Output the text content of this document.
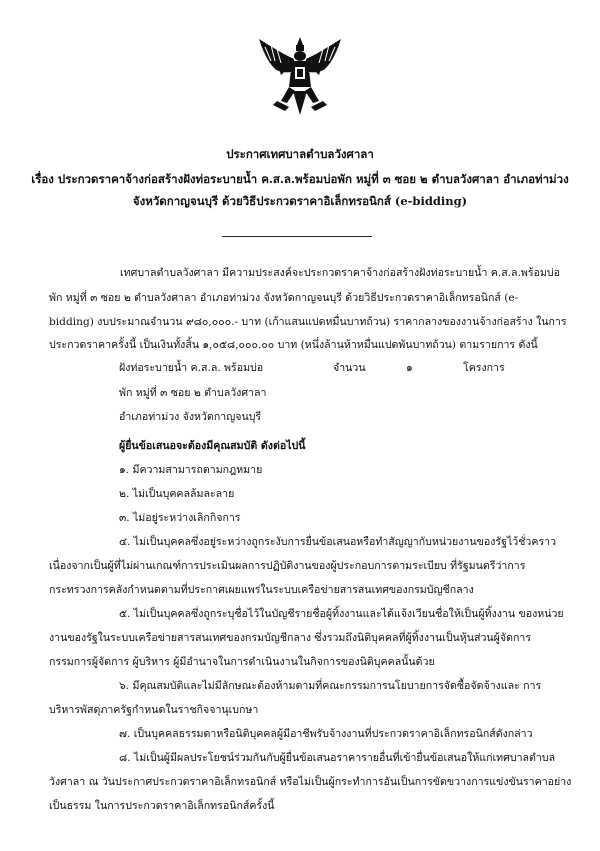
ประกาศเทศบาลตำบลวังศาลา
เรื่อง ประกวดราคาจ้างก่อสร้างฝังท่อระบายน้ำ ค.ส.ล.พร้อมบ่อพัก หมู่ที่ ๓ ซอย ๒ ตำบลวังศาลา อำเภอท่าม่วง
จังหวัดกาญจนบุรี ด้วยวิธีประกวดราคาอิเล็กทรอนิกส์ (e-bidding)
เทศบาลตำบลวังศาลา มีความประสงค์จะประกวดราคาจ้างก่อสร้างฝังท่อระบายน้ำ ค.ส.ล.พร้อมบ่อ
พัก หมู่ที่ ๓ ซอย ๒ ตำบลวังศาลา อำเภอท่าม่วง จังหวัดกาญจนบุรี ด้วยวิธีประกวดราคาอิเล็กทรอนิกส์ (e-
bidding) งบประมาณจำนวน ๙๘๐,๐๐๐.- บาท (เก้าแสนแปดหมื่นบาทถ้วน) ราคากลางของงานจ้างก่อสร้าง ในการ
ประกวดราคาครั้งนี้ เป็นเงินทั้งสิ้น ๑,๐๕๘,๐๐๐.๐๐ บาท (หนึ่งล้านห้าหมื่นแปดพันบาทถ้วน) ตามรายการ ดังนี้
ฝังท่อระบายน้ำ ค.ส.ล. พร้อมบ่อ	จำนวน	๑	โครงการ
พัก หมู่ที่ ๓ ซอย ๒ ตำบลวังศาลา
อำเภอท่าม่วง จังหวัดกาญจนบุรี
ผู้ยื่นข้อเสนอจะต้องมีคุณสมบัติ ดังต่อไปนี้
๑. มีความสามารถตามกฎหมาย
๒. ไม่เป็นบุคคลล้มละลาย
๓. ไม่อยู่ระหว่างเลิกกิจการ
๔. ไม่เป็นบุคคลซึ่งอยู่ระหว่างถูกระงับการยื่นข้อเสนอหรือทำสัญญากับหน่วยงานของรัฐไว้ชั่วคราว
เนื่องจากเป็นผู้ที่ไม่ผ่านเกณฑ์การประเมินผลการปฏิบัติงานของผู้ประกอบการตามระเบียบ ที่รัฐมนตรีว่าการ
กระทรวงการคลังกำหนดตามที่ประกาศเผยแพร่ในระบบเครือข่ายสารสนเทศของกรมบัญชีกลาง
๕. ไม่เป็นบุคคลซึ่งถูกระบุชื่อไว้ในบัญชีรายชื่อผู้ทิ้งงานและได้แจ้งเวียนชื่อให้เป็นผู้ทิ้งงาน ของหน่วย
งานของรัฐในระบบเครือข่ายสารสนเทศของกรมบัญชีกลาง ซึ่งรวมถึงนิติบุคคลที่ผู้ทิ้งงานเป็นหุ้นส่วนผู้จัดการ
กรรมการผู้จัดการ ผู้บริหาร ผู้มีอำนาจในการดำเนินงานในกิจการของนิติบุคคลนั้นด้วย
๖. มีคุณสมบัติและไม่มีลักษณะต้องห้ามตามที่คณะกรรมการนโยบายการจัดซื้อจัดจ้างและ การ
บริหารพัสดุภาครัฐกำหนดในราชกิจจานุเบกษา
๗. เป็นบุคคลธรรมดาหรือนิติบุคคลผู้มีอาชีพรับจ้างงานที่ประกวดราคาอิเล็กทรอนิกส์ดังกล่าว
๘. ไม่เป็นผู้มีผลประโยชน์ร่วมกันกับผู้ยื่นข้อเสนอราคารายอื่นที่เข้ายื่นข้อเสนอให้แก่เทศบาลตำบล
วังศาลา ณ วันประกาศประกวดราคาอิเล็กทรอนิกส์ หรือไม่เป็นผู้กระทำการอันเป็นการขัดขวางการแข่งขันราคาอย่าง
เป็นธรรม ในการประกวดราคาอิเล็กทรอนิกส์ครั้งนี้
